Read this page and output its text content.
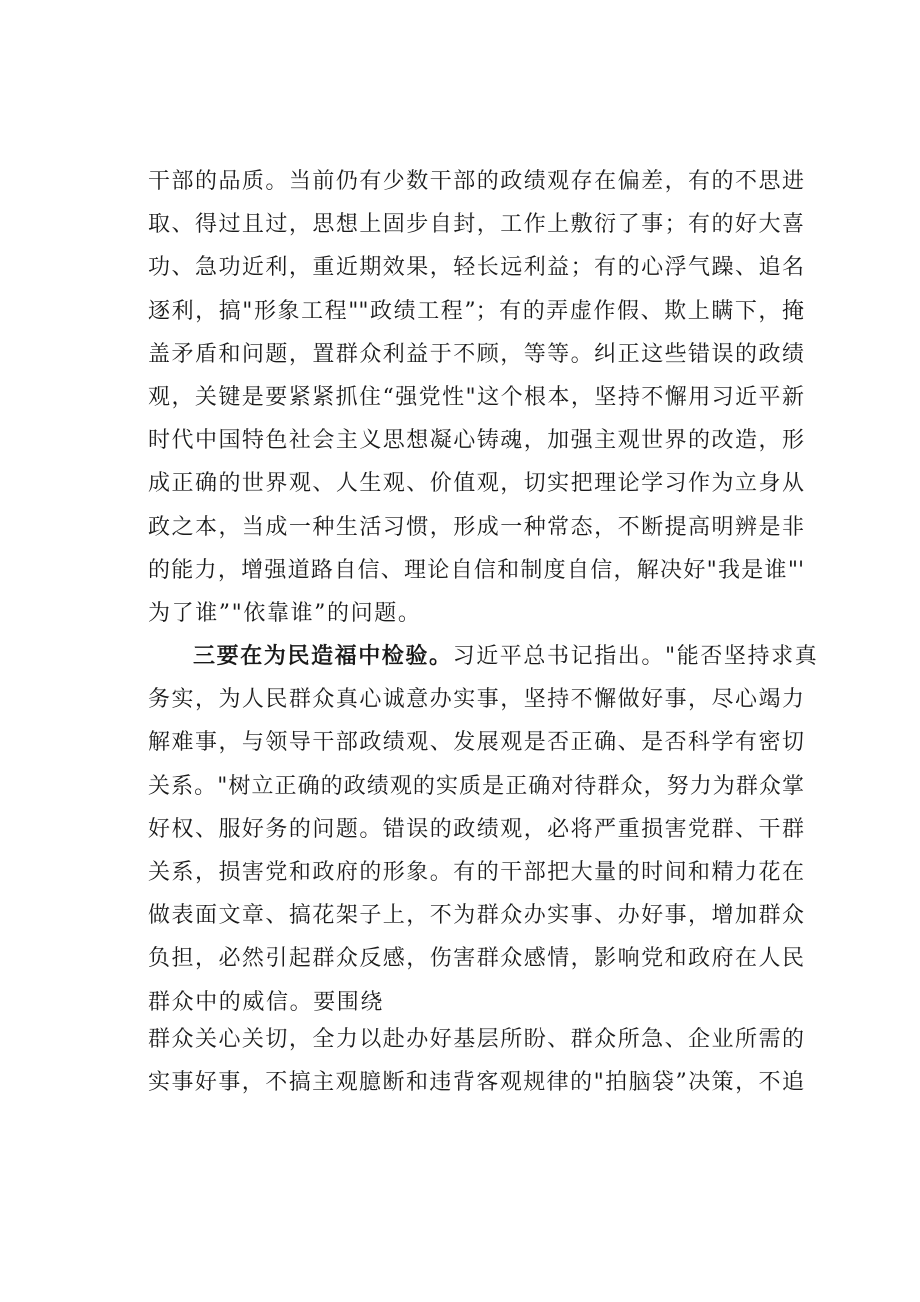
干部的品质。当前仍有少数干部的政绩观存在偏差，有的不思进
取、得过且过，思想上固步自封，工作上敷衍了事；有的好大喜
功、急功近利，重近期效果，轻长远利益；有的心浮气躁、追名
逐利，搞"形象工程""政绩工程”；有的弄虚作假、欺上瞒下，掩
盖矛盾和问题，置群众利益于不顾，等等。纠正这些错误的政绩
观，关键是要紧紧抓住“强党性"这个根本，坚持不懈用习近平新
时代中国特色社会主义思想凝心铸魂，加强主观世界的改造，形
成正确的世界观、人生观、价值观，切实把理论学习作为立身从
政之本，当成一种生活习惯，形成一种常态，不断提高明辨是非
的能力，增强道路自信、理论自信和制度自信，解决好"我是谁"'
为了谁”"依靠谁”的问题。
三要在为民造福中检验。习近平总书记指出。"能否坚持求真
务实，为人民群众真心诚意办实事，坚持不懈做好事，尽心竭力
解难事，与领导干部政绩观、发展观是否正确、是否科学有密切
关系。"树立正确的政绩观的实质是正确对待群众，努力为群众掌
好权、服好务的问题。错误的政绩观，必将严重损害党群、干群
关系，损害党和政府的形象。有的干部把大量的时间和精力花在
做表面文章、搞花架子上，不为群众办实事、办好事，增加群众
负担，必然引起群众反感，伤害群众感情，影响党和政府在人民
群众中的威信。要围绕
群众关心关切，全力以赴办好基层所盼、群众所急、企业所需的
实事好事，不搞主观臆断和违背客观规律的"拍脑袋”决策，不追
